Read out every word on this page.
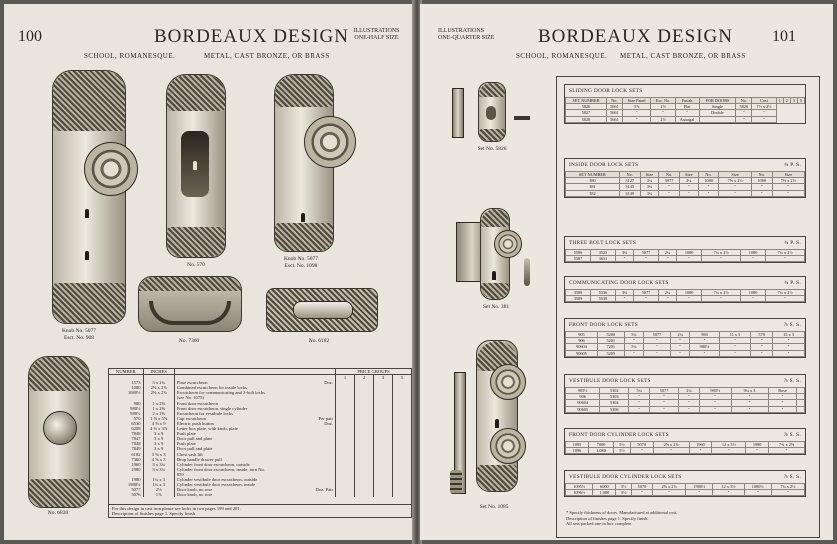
100	BORDEAUX DESIGN ILLUSTRATIONS ONE-HALF SIZE
SCHOOL, ROMANESQUE.	METAL, CAST BRONZE, OR BRASS
Knob No. 5077
Esct. No. 908
No. 570
Knob No. 5077
Esct. No. 1098
No. 7360	No. 6182
No. 6830
NUMBER	INCHES			PRICE GROUPS			
				1	2	3	5
1573	3 x 2¼	Plate escutcheon	Doz.				
1080	2⅝ x 2⅞	Combined escutcheon for inside locks					
1080½	2⅝ x 2⅞	Escutcheon for communicating and 3-bolt locks					
		(see No. 1075)					
980	1 x 2⅜	Front door escutcheon					
980½	1 x 2⅜	Front door escutcheon, single cylinder					
980½	2 x 2⅜	Escutcheon for vestibule locks					
570	1 ⅝ x 5⅝	Cup escutcheon	Per pair				
6530	4 ⅝ x 9	Electric push button	Doz.				
6208	4 ⅜ x 3⅞	Letter box plate, with knob, plate					
7848	3 x 9	Push plate					
7847	3 x 9	Door pull and plate					
7848	3 x 9	Push plate					
7849	3 x 9	Door pull and plate					
6182	3 ⅝ x 3	Chest sash lift					
7360	4 ⅝ x 3	Drop handle drawer pull					
1960	3 x 3¼	Cylinder front door escutcheon, outside					
1980	3 x 3¼	Cylinder front door escutcheon, inside, turn No.					
		859					
1980	1¼ x 3	Cylinder vestibule door escutcheon, outside					
1980½	1¼ x 3	Cylinder vestibule door escutcheon, inside					
5077	2⅛	Door knob, no rose	Doz. Pair				
5076	1⅞	Door knob, no rose					
For this design in cast iron please see locks in two pages 199 and 201.
Description of finishes page 1. Specify finish.
ILLUSTRATIONS ONE-QUARTER SIZE BORDEAUX DESIGN 101
SCHOOL, ROMANESQUE. METAL, CAST BRONZE, OR BRASS
Set No. 5826
Set No. 381
Set No. 1085
SLIDING DOOR LOCK SETS
SET NUMBER	No.	Size Panel	Esc. No.	Finish	FOR DOORS	No.	Cost	1	2	3	5
5826	5661	5⅞	2½	Flat	Single	5826	7½ x 2½				
5827	5661	"	"	"	Double	"	"				
5828	5661	"	2½	Astragal		"	"				
INSIDE DOOR LOCK SETS	¾ P. S.
SET NUMBER	No.	Size	No.	Size	No.	Size	No.	Size
380	3127	3¼	5077	2¼	1080	7⅝ x 2½	1080	7⅜ x 2½
381	3145	3¾	"	"	"	"	"	"
382	3149	3¾	"	"	"	"	"	"
THREE BOLT LOCK SETS	¾ P. S.
5586	3525	3¾	5077	2¼	1080	7¾ x 2½	1080	7¾ x 2½
5587	3631	"	"	"	"	"	"	"
COMMUNICATING DOOR LOCK SETS	¾ P. S.
3588	5536	3¾	5077	2¼	1080	7¾ x 2½	1080	7¾ x 2½
3589	5538	"	"	"	"	"	"	"
FRONT DOOR LOCK SETS	⅞ S. S.
905	5200	5¼	5077	2¼	980	11 x 3	578	15 x 3
906	5201	"	"	"	"	"	"	"
90604	7201	5¼	"	"	980½	"	"	"
90605	5205	"	"	"	"	"	"	"
VESTIBULE DOOR LOCK SETS	⅞ S. S.
905½	5302	5¼	5077	2¼	980½	9¾ x 3	Rose	
906	5303	"	"	"	"	"	"	
90604	5304	"	"	"	"	"	"	
90605	5306	"	"	"	"	"	"	
FRONT DOOR CYLINDER LOCK SETS	⅞ S. S.
1095	7000	5½	5070	2⅝ x 2⅞	1960	12 x 3½	1980	7¾ x 2⅝
1096	1,080	5½	"	"	"	"	"	"
VESTIBULE DOOR CYLINDER LOCK SETS	⅞ S. S.
1095½	6000	5½	5070	2⅝ x 2⅞	1980½	12 x 3½	1080½	7¾ x 2½
1096½	1,080	5½	"	"	"	"	"	"
* Specify thickness of doors. Manufactured at additional cost.
Description of finishes page 1. Specify finish.
All sets packed one in box complete.
